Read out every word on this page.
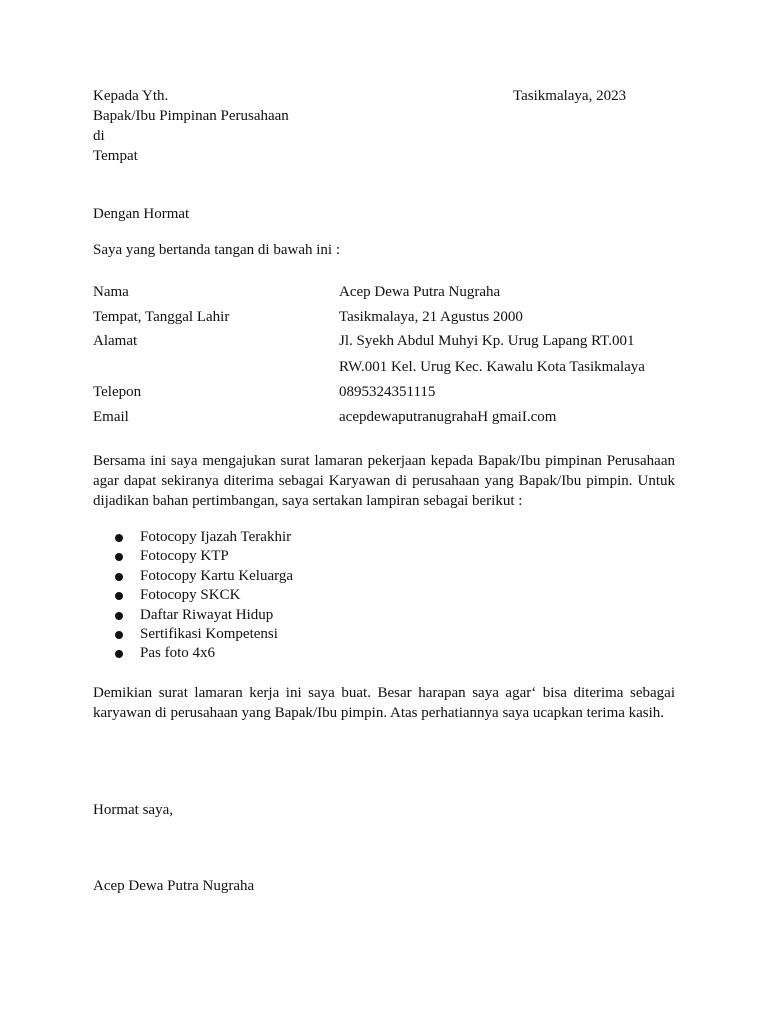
Kepada Yth.
Bapak/Ibu Pimpinan Perusahaan
di
Tempat
Tasikmalaya, 2023
Dengan Hormat
Saya yang bertanda tangan di bawah ini :
Nama	Acep Dewa Putra Nugraha
Tempat, Tanggal Lahir	Tasikmalaya, 21 Agustus 2000
Alamat	Jl. Syekh Abdul Muhyi Kp. Urug Lapang RT.001
RW.001 Kel. Urug Kec. Kawalu Kota Tasikmalaya
Telepon	0895324351115
Email	acepdewaputranugrahaH gmaiI.com

Bersama ini saya mengajukan surat lamaran pekerjaan kepada Bapak/Ibu pimpinan Perusahaan agar dapat sekiranya diterima sebagai Karyawan di perusahaan yang Bapak/Ibu pimpin. Untuk dijadikan bahan pertimbangan, saya sertakan lampiran sebagai berikut :

Fotocopy Ijazah Terakhir
Fotocopy KTP
Fotocopy Kartu Keluarga
Fotocopy SKCK
Daftar Riwayat Hidup
Sertifikasi Kompetensi
Pas foto 4x6

Demikian surat lamaran kerja ini saya buat. Besar harapan saya agar‘ bisa diterima sebagai karyawan di perusahaan yang Bapak/Ibu pimpin. Atas perhatiannya saya ucapkan terima kasih.

Hormat saya,
Acep Dewa Putra Nugraha
